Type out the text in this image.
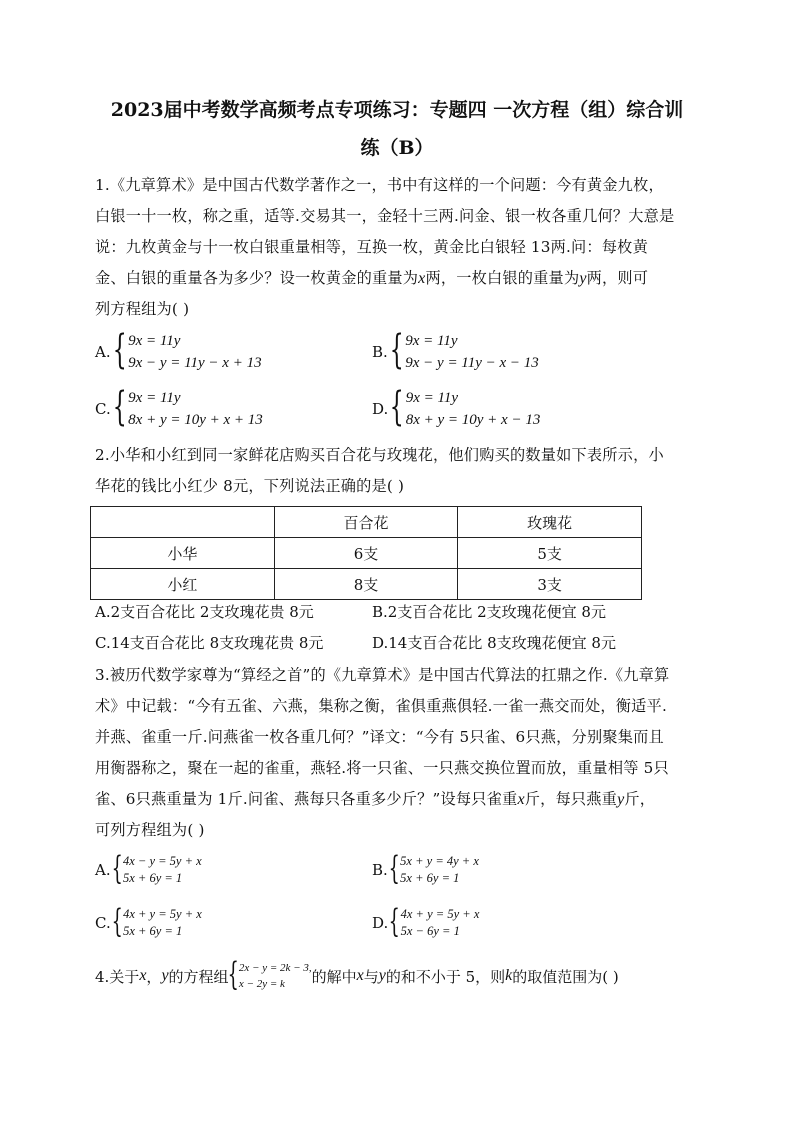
2023届中考数学高频考点专项练习：专题四 一次方程（组）综合训
练（B）
1.《九章算术》是中国古代数学著作之一，书中有这样的一个问题：今有黄金九枚，
白银一十一枚，称之重，适等.交易其一，金轻十三两.问金、银一枚各重几何？大意是
说：九枚黄金与十一枚白银重量相等，互换一枚，黄金比白银轻 13两.问：每枚黄
金、白银的重量各为多少？设一枚黄金的重量为x两，一枚白银的重量为y两，则可
列方程组为( )
A. { 9x = 11y
9x − y = 11y − x + 13
B. { 9x = 11y
9x − y = 11y − x − 13
C. { 9x = 11y
8x + y = 10y + x + 13
D. { 9x = 11y
8x + y = 10y + x − 13
2.小华和小红到同一家鲜花店购买百合花与玫瑰花，他们购买的数量如下表所示，小
华花的钱比小红少 8元，下列说法正确的是( )
	百合花	玫瑰花
小华	6支	5支
小红	8支	3支
A.2支百合花比 2支玫瑰花贵 8元	B.2支百合花比 2支玫瑰花便宜 8元
C.14支百合花比 8支玫瑰花贵 8元	D.14支百合花比 8支玫瑰花便宜 8元
3.被历代数学家尊为“算经之首”的《九章算术》是中国古代算法的扛鼎之作.《九章算
术》中记载：“今有五雀、六燕，集称之衡，雀俱重燕俱轻.一雀一燕交而处，衡适平.
并燕、雀重一斤.问燕雀一枚各重几何？”译文：“今有 5只雀、6只燕，分别聚集而且
用衡器称之，聚在一起的雀重，燕轻.将一只雀、一只燕交换位置而放，重量相等 5只
雀、6只燕重量为 1斤.问雀、燕每只各重多少斤？”设每只雀重x斤，每只燕重y斤，
可列方程组为( )
A. { 4x − y = 5y + x
5x + 6y = 1	B. { 5x + y = 4y + x
5x + 6y = 1
C. { 4x + y = 5y + x
5x + 6y = 1	D. { 4x + y = 5y + x
5x − 6y = 1
4.关于 x ， y 的方程组
{ 2x − y = 2k − 3,
x − 2y = k	的解中 x 与 y 的和不小于 5，则 k 的取值范围为( )
